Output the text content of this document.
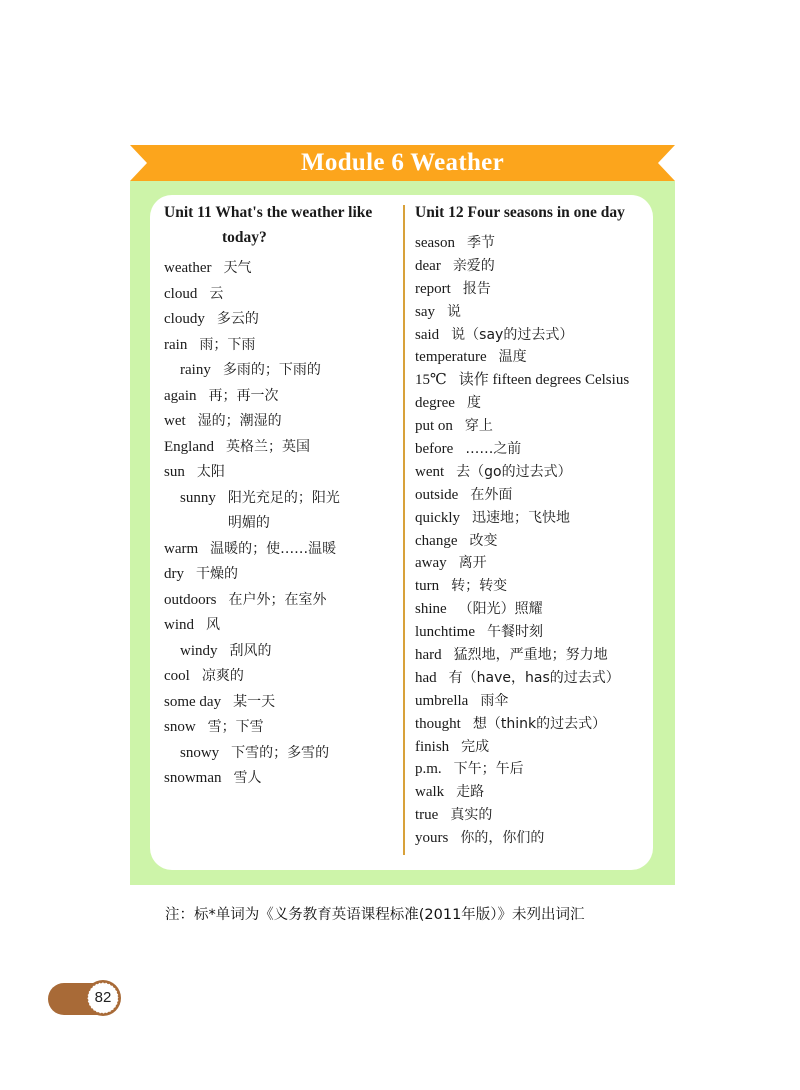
Module 6 Weather
Unit 11 What's the weather like
today?
weather 天气
cloud 云
cloudy 多云的
rain 雨；下雨
rainy 多雨的；下雨的
again 再；再一次
wet 湿的；潮湿的
England 英格兰；英国
sun 太阳
sunny 阳光充足的；阳光明媚的
warm 温暖的；使……温暖
dry 干燥的
outdoors 在户外；在室外
wind 风
windy 刮风的
cool 凉爽的
some day 某一天
snow 雪；下雪
snowy 下雪的；多雪的
snowman 雪人
Unit 12 Four seasons in one day
season 季节
dear 亲爱的
report 报告
say 说
said 说（say的过去式）
temperature 温度
15℃ 读作 fifteen degrees Celsius
degree 度
put on 穿上
before ……之前
went 去（go的过去式）
outside 在外面
quickly 迅速地；飞快地
change 改变
away 离开
turn 转；转变
shine （阳光）照耀
lunchtime 午餐时刻
hard 猛烈地，严重地；努力地
had 有（have，has的过去式）
umbrella 雨伞
thought 想（think的过去式）
finish 完成
p.m. 下午；午后
walk 走路
true 真实的
yours 你的，你们的
注：标*单词为《义务教育英语课程标准(2011年版）》未列出词汇
82
